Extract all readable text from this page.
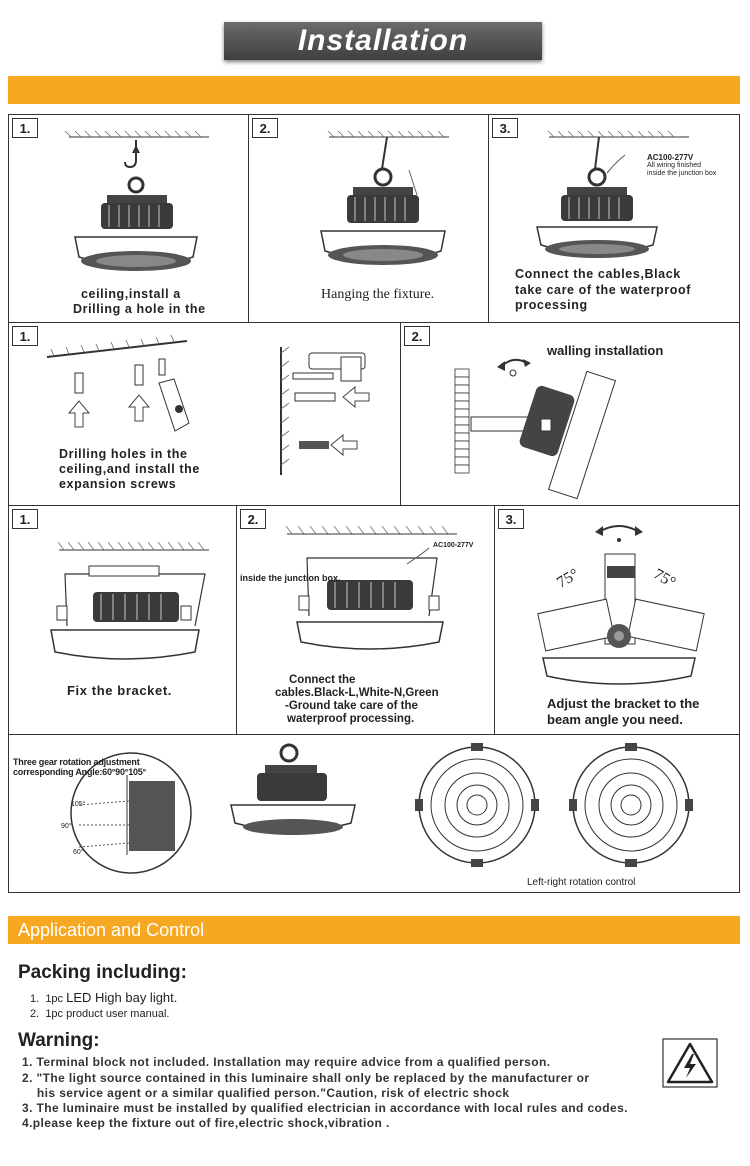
Installation
1.
ceiling,install a
Drilling a hole in the
2.
Hanging the fixture.
3.
AC100-277V
All wiring finished
inside the junction box
Connect the cables,Black
take care of the waterproof
processing
1.
Drilling holes in the
ceiling,and install the
expansion screws
2.
walling installation
1.
Fix the bracket.
2.
inside the junction box.
AC100-277V
Connect the
cables.Black-L,White-N,Green
-Ground take care of the
waterproof processing.
3.
75°	75°
Adjust the bracket to the
beam angle you need.
Three gear rotation adjustment
corresponding Angle:60°90°105°
105°
90°
60°
Left-right rotation control
Application and Control
Packing including:
1. 1pc LED High bay light.
2. 1pc product user manual.
Warning:
1. Terminal block not included. Installation may require advice from a qualified person.
2. "The light source contained in this luminaire shall only be replaced by the manufacturer or
his service agent or a similar qualified person."Caution, risk of electric shock
3. The luminaire must be installed by qualified electrician in accordance with local rules and codes.
4.please keep the fixture out of fire,electric shock,vibration .
